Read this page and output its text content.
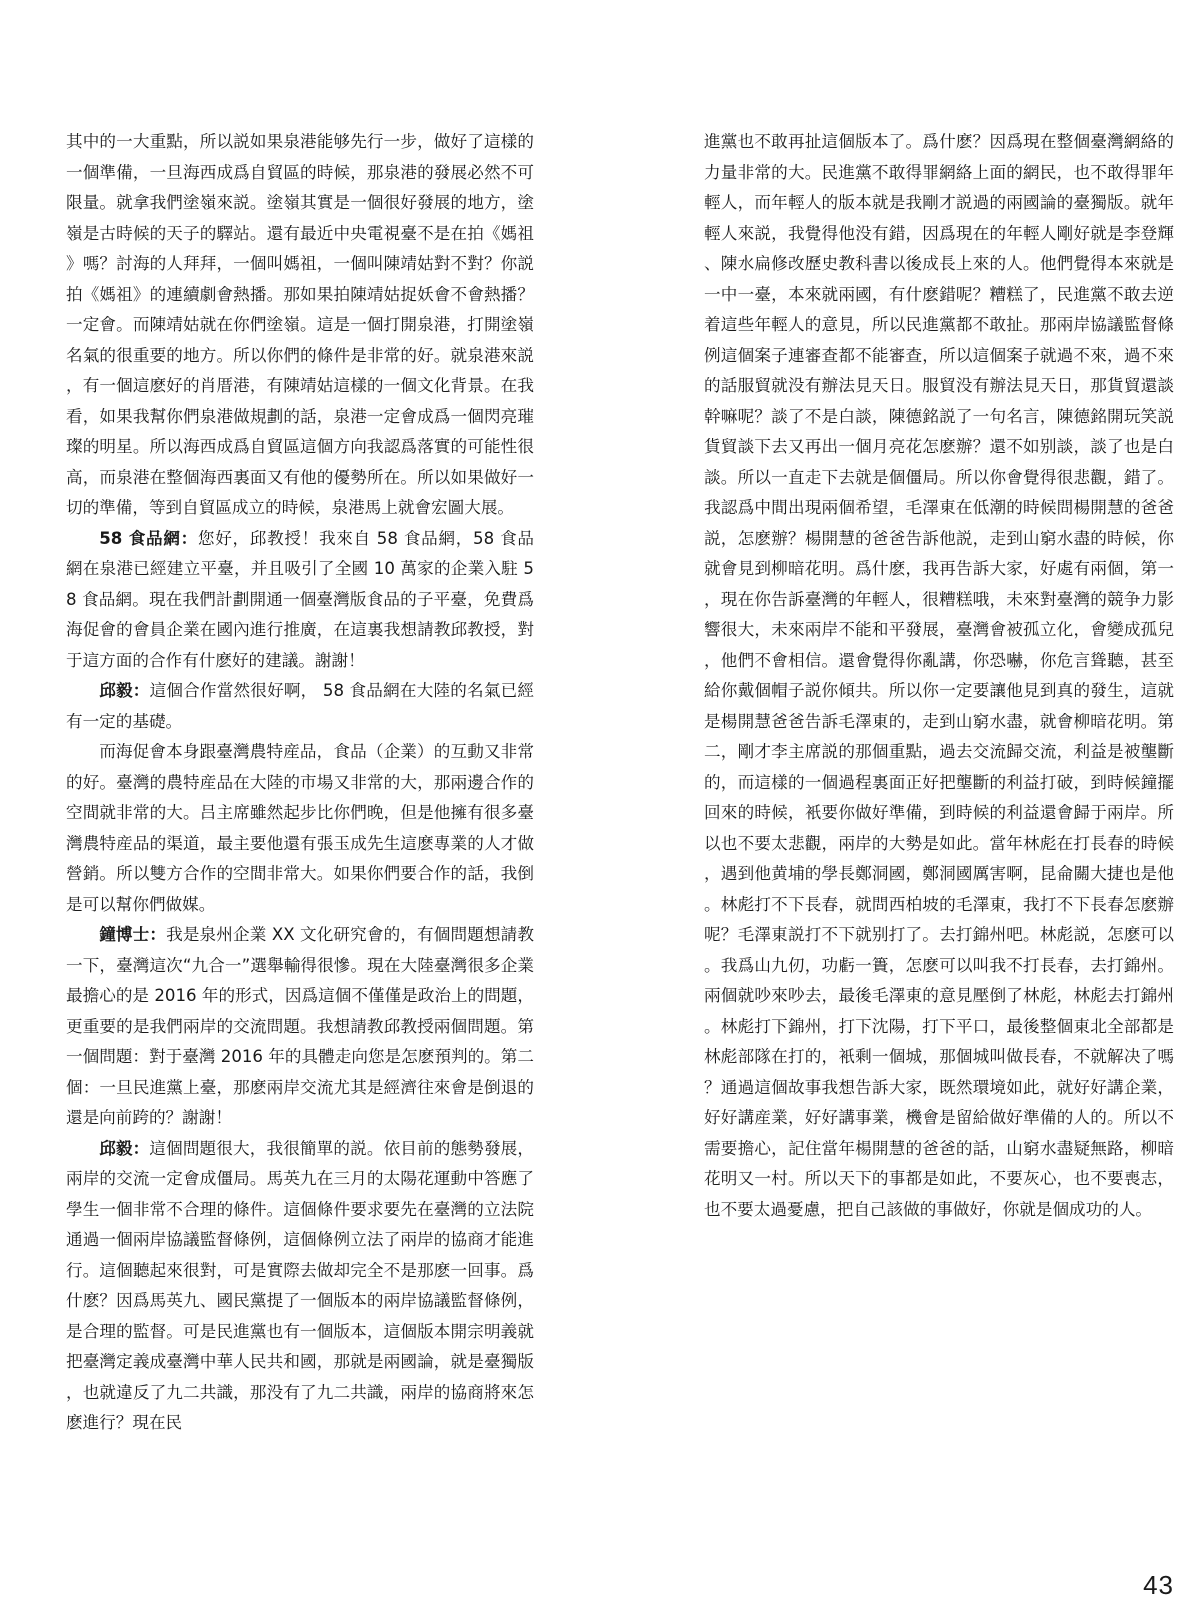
其中的一大重點，所以説如果泉港能够先行一步，做好了這樣的一個準備，一旦海西成爲自貿區的時候，那泉港的發展必然不可限量。就拿我們塗嶺來説。塗嶺其實是一個很好發展的地方，塗嶺是古時候的天子的驛站。還有最近中央電視臺不是在拍《媽祖》嗎？討海的人拜拜，一個叫媽祖，一個叫陳靖姑對不對？你説拍《媽祖》的連續劇會熱播。那如果拍陳靖姑捉妖會不會熱播？一定會。而陳靖姑就在你們塗嶺。這是一個打開泉港，打開塗嶺名氣的很重要的地方。所以你們的條件是非常的好。就泉港來説，有一個這麽好的肖厝港，有陳靖姑這樣的一個文化背景。在我看，如果我幫你們泉港做規劃的話，泉港一定會成爲一個閃亮璀璨的明星。所以海西成爲自貿區這個方向我認爲落實的可能性很高，而泉港在整個海西裏面又有他的優勢所在。所以如果做好一切的準備，等到自貿區成立的時候，泉港馬上就會宏圖大展。

58 食品網：您好，邱教授！我來自 58 食品網，58 食品網在泉港已經建立平臺，并且吸引了全國 10 萬家的企業入駐 58 食品網。現在我們計劃開通一個臺灣版食品的子平臺，免費爲海促會的會員企業在國內進行推廣，在這裏我想請教邱教授，對于這方面的合作有什麽好的建議。謝謝！

邱毅：這個合作當然很好啊， 58 食品網在大陸的名氣已經有一定的基礎。

而海促會本身跟臺灣農特産品，食品（企業）的互動又非常的好。臺灣的農特産品在大陸的市場又非常的大，那兩邊合作的空間就非常的大。吕主席雖然起步比你們晚，但是他擁有很多臺灣農特産品的渠道，最主要他還有張玉成先生這麽專業的人才做營銷。所以雙方合作的空間非常大。如果你們要合作的話，我倒是可以幫你們做媒。

鐘博士：我是泉州企業 XX 文化研究會的，有個問題想請教一下，臺灣這次“九合一”選舉輸得很慘。現在大陸臺灣很多企業最擔心的是 2016 年的形式，因爲這個不僅僅是政治上的問題，更重要的是我們兩岸的交流問題。我想請教邱教授兩個問題。第一個問題：對于臺灣 2016 年的具體走向您是怎麽預判的。第二個：一旦民進黨上臺，那麽兩岸交流尤其是經濟往來會是倒退的還是向前跨的？謝謝！

邱毅：這個問題很大，我很簡單的説。依目前的態勢發展，兩岸的交流一定會成僵局。馬英九在三月的太陽花運動中答應了學生一個非常不合理的條件。這個條件要求要先在臺灣的立法院通過一個兩岸協議監督條例，這個條例立法了兩岸的協商才能進行。這個聽起來很對，可是實際去做却完全不是那麽一回事。爲什麽？因爲馬英九、國民黨提了一個版本的兩岸協議監督條例，是合理的監督。可是民進黨也有一個版本，這個版本開宗明義就把臺灣定義成臺灣中華人民共和國，那就是兩國論，就是臺獨版，也就違反了九二共識，那没有了九二共識，兩岸的協商將來怎麽進行？現在民

進黨也不敢再扯這個版本了。爲什麽？因爲現在整個臺灣網絡的力量非常的大。民進黨不敢得罪網絡上面的網民，也不敢得罪年輕人，而年輕人的版本就是我剛才説過的兩國論的臺獨版。就年輕人來説，我覺得他没有錯，因爲現在的年輕人剛好就是李登輝、陳水扁修改歷史教科書以後成長上來的人。他們覺得本來就是一中一臺，本來就兩國，有什麽錯呢？糟糕了，民進黨不敢去逆着這些年輕人的意見，所以民進黨都不敢扯。那兩岸協議監督條例這個案子連審查都不能審查，所以這個案子就過不來，過不來的話服貿就没有辦法見天日。服貿没有辦法見天日，那貨貿還談幹嘛呢？談了不是白談，陳德銘説了一句名言，陳德銘開玩笑説貨貿談下去又再出一個月亮花怎麽辦？還不如别談，談了也是白談。所以一直走下去就是個僵局。所以你會覺得很悲觀，錯了。我認爲中間出現兩個希望，毛澤東在低潮的時候問楊開慧的爸爸説，怎麽辦？楊開慧的爸爸告訴他説，走到山窮水盡的時候，你就會見到柳暗花明。爲什麽，我再告訴大家，好處有兩個，第一，現在你告訴臺灣的年輕人，很糟糕哦，未來對臺灣的競争力影響很大，未來兩岸不能和平發展，臺灣會被孤立化，會變成孤兒，他們不會相信。還會覺得你亂講，你恐嚇，你危言聳聽，甚至給你戴個帽子説你傾共。所以你一定要讓他見到真的發生，這就是楊開慧爸爸告訴毛澤東的，走到山窮水盡，就會柳暗花明。第二，剛才李主席説的那個重點，過去交流歸交流，利益是被壟斷的，而這樣的一個過程裏面正好把壟斷的利益打破，到時候鐘擺回來的時候，衹要你做好準備，到時候的利益還會歸于兩岸。所以也不要太悲觀，兩岸的大勢是如此。當年林彪在打長春的時候，遇到他黄埔的學長鄭洞國，鄭洞國厲害啊，昆侖關大捷也是他。林彪打不下長春，就問西柏坡的毛澤東，我打不下長春怎麽辦呢？毛澤東説打不下就别打了。去打錦州吧。林彪説，怎麽可以。我爲山九仞，功虧一簣，怎麽可以叫我不打長春，去打錦州。兩個就吵來吵去，最後毛澤東的意見壓倒了林彪，林彪去打錦州。林彪打下錦州，打下沈陽，打下平口，最後整個東北全部都是林彪部隊在打的，衹剩一個城，那個城叫做長春，不就解决了嗎？通過這個故事我想告訴大家，既然環境如此，就好好講企業，好好講産業，好好講事業，機會是留給做好準備的人的。所以不需要擔心，記住當年楊開慧的爸爸的話，山窮水盡疑無路，柳暗花明又一村。所以天下的事都是如此，不要灰心，也不要喪志，也不要太過憂慮，把自己該做的事做好，你就是個成功的人。

43
